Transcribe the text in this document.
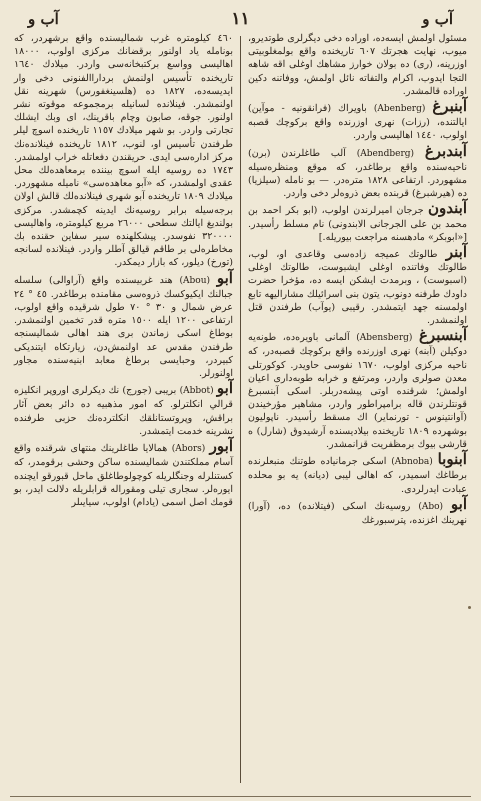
آب و
١١
آب و

مسئول اولمش ایسه‌ده، اوراده دخی دیگرلری طوتدیرو، میوب، نهایت هجرتك ٦٠٧ تاریخنده واقع بولمغلوبیتی اوزرینه، (ری) ده بولان خوارز مشاهك اوغلی اقه شاهه التجا ایدوب، اکرام والتفاته نائل اولمش، ووفاتنه دکین اوراده قالمشدر.

آبنبرغ (Abenberg) باویراك (فرانقونیه - موآین) ایالتنده، (رزات) نهری اوزرنده واقع برکوچك قصبه اولوب، ١٤٤٠ اهالیسی واردر.

آبندبرغ (Abendberg) آلب طاغلرندن (برن) ناحیه‌سنده واقع برطاغدر، که موقع ومنظره‌سیله مشهوردر. ارتفاعی ١٨٢٨ متره‌در. — بو نامله (سیلزیا) ده (هیرشبرغ) قربنده بعض ذروه‌لر دخی واردر.

آبندون جرجان امیرلرندن اولوب، (ابو بکر احمد بن محمد بن علی الجرجانی الابندونی) نام مسلط رأسیدر. [«ابوبکر» مادهسنه مراجعت بیوریله.]

آبنر طالوتك عمیجه زاده‌سی وقاعدی او، لوب، طالوتك وفاتنده اوغلی ایشبوست، طالوتك اوغلی (اسبوست) ، وبرمدت ایشکن ایسه ده، مؤخرا حضرت داودك طرفنه دونوب، یتون بنی اسرائیلك مشارالیهه تابع اولمسنه جهد ایتمشدر. رقیبی (یوآب) طرفندن قتل اولنمشدر.

آبنسبرغ (Abensberg) آلمانی باویره‌ده، طونه‌یه دوکیلن (آبنه) نهری اوزرنده واقع برکوچك قصبه‌در، که ناحیه مرکزی اولوب، ١٦٧٠ نفوسی حاویدر. کوکورتلی معدن صولری واردر، ومرتفع و خرابه طوبه‌داری اعیان اولمش؛ شرقنده اوتی پیشه‌دربلر. اسکی آبنسبرغ قونتلرندن قاله برامپراطور واردر، مشاهیر مؤرخیندن (آوانتینوس - تورنمایر) اك مسقط رأسیدر. ناپوليون بوشهرده ١٨٠٩ تاریخنده بیلادیسنده آرشیدوق (شارل) ه قارشی بیوك برمظفریت قزانمشدر.

آبنوبا (Abnoba) اسکی جرمانیاده طوتنك منبعلرنده برطاغك اسمیدر، که اهالی لیبی (دیانه) یه بو محلده عبادت ایدرلردی.

آبو (Abo) روسیه‌نك اسکی (فیتلانده) ده، (آورا) نهرینك اغزنده، پترسبورغك

٤٦٠ کیلومتره غرب شمالیسنده واقع برشهردر، که بونامله یاد اولنور برقضانك مرکزی اولوب، ١٨٠٠٠ اهالیسی وواسع برکتبخانه‌سی واردر. میلادك ١٦٤٠ تاریخنده تأسیس اولنمش برداراالفنونی دخی وار ایدیسه‌ده، ١٨٢٧ ده (هلسینغفورس) شهرینه نقل اولنمشدر. فینلانده لسانیله برمجموعه موقوته نشر اولنور. جوقه، صابون وچام باقرینك، ای وبك ایشلك تجارتی واردر. بو شهر میلادك ١١٥٧ تاریخنده اسوچ لیلر طرفندن تأسیس او، لنوب، ١٨١٢ تاریخنده فینلانده‌نك مرکز اداره‌سی ایدی. حریقندن دفعاتله خراب اولمشدر. ١٧٤٣ ده روسیه ایله اسوچ بیننده برمعاهده‌لك محل عقدی اولمشدر، که «آبو معاهده‌سی» نامیله مشهوردر. میلادك ١٨٠٩ تاریخنده آبو شهری فینلانده‌لك قالش اولان برجه‌سیله برابر روسیه‌نك ایدینه کچمشدر. مرکزی بولندیغ ایالتك سطحی ٢٦٠٠٠ مربع کیلومتره، واهالیسی ٣٢٠٠٠٠ نفوسدر. پیشکلهنده سیر سفاین حقنده بك مخاطره‌لی بر طاقم قیالق آطلر واردر. فینلانده لسانجه (تورخ) دیلور، که بازار دیمکدر.

آبو (Abou) هند غربیسنده واقع (آراوالی) سلسله جبالنك ایکیوکسك ذروه‌سی مقامنده برطاغدر. ٤٥ ° ٢٤ عرض شمال و ٣٠ ° ٧٠ طول شرقیده واقع اولوب، ارتفاعی ١٢٠٠ ایله ١٥٠٠ متره قدر تخمین اولنمشدر. بوطاغ اسکی زماندن بری هند اهالی شمالیسنجه طرفندن مقدس عد اولنمش‌دن، زیارتکاه ایتندیکی کبیردر، وحبایسی برطاغ معابد ابنیه‌سنده مجاور اولنورلر.

آبو (Abbot) بریبی (جورج) نك ديكرلرى اوروپر انكليزه قرالي انكلترلو. كه امور مذهبيه ده دائر بعض آثار براقش، وپروتستانلقك انكلترده‌نك حزبى طرفنده نشرينه خدمت ايتمشدر.

آبور (Abors) همالايا طاغلرينك منتهاى شرقنده واقع آسام مملكتندن شماليسنده ساكن وحشى برقومدر، كه كستنلرله وجنگلريله كوچولوطاغلق ماحل قبورقو ايچنده ايوره‌لر. سجارى تيلى ومقوراله قرابلريله دلالت ايدر، بو قومك اصل اسمى (يادام) اولوب، سيايىلر
